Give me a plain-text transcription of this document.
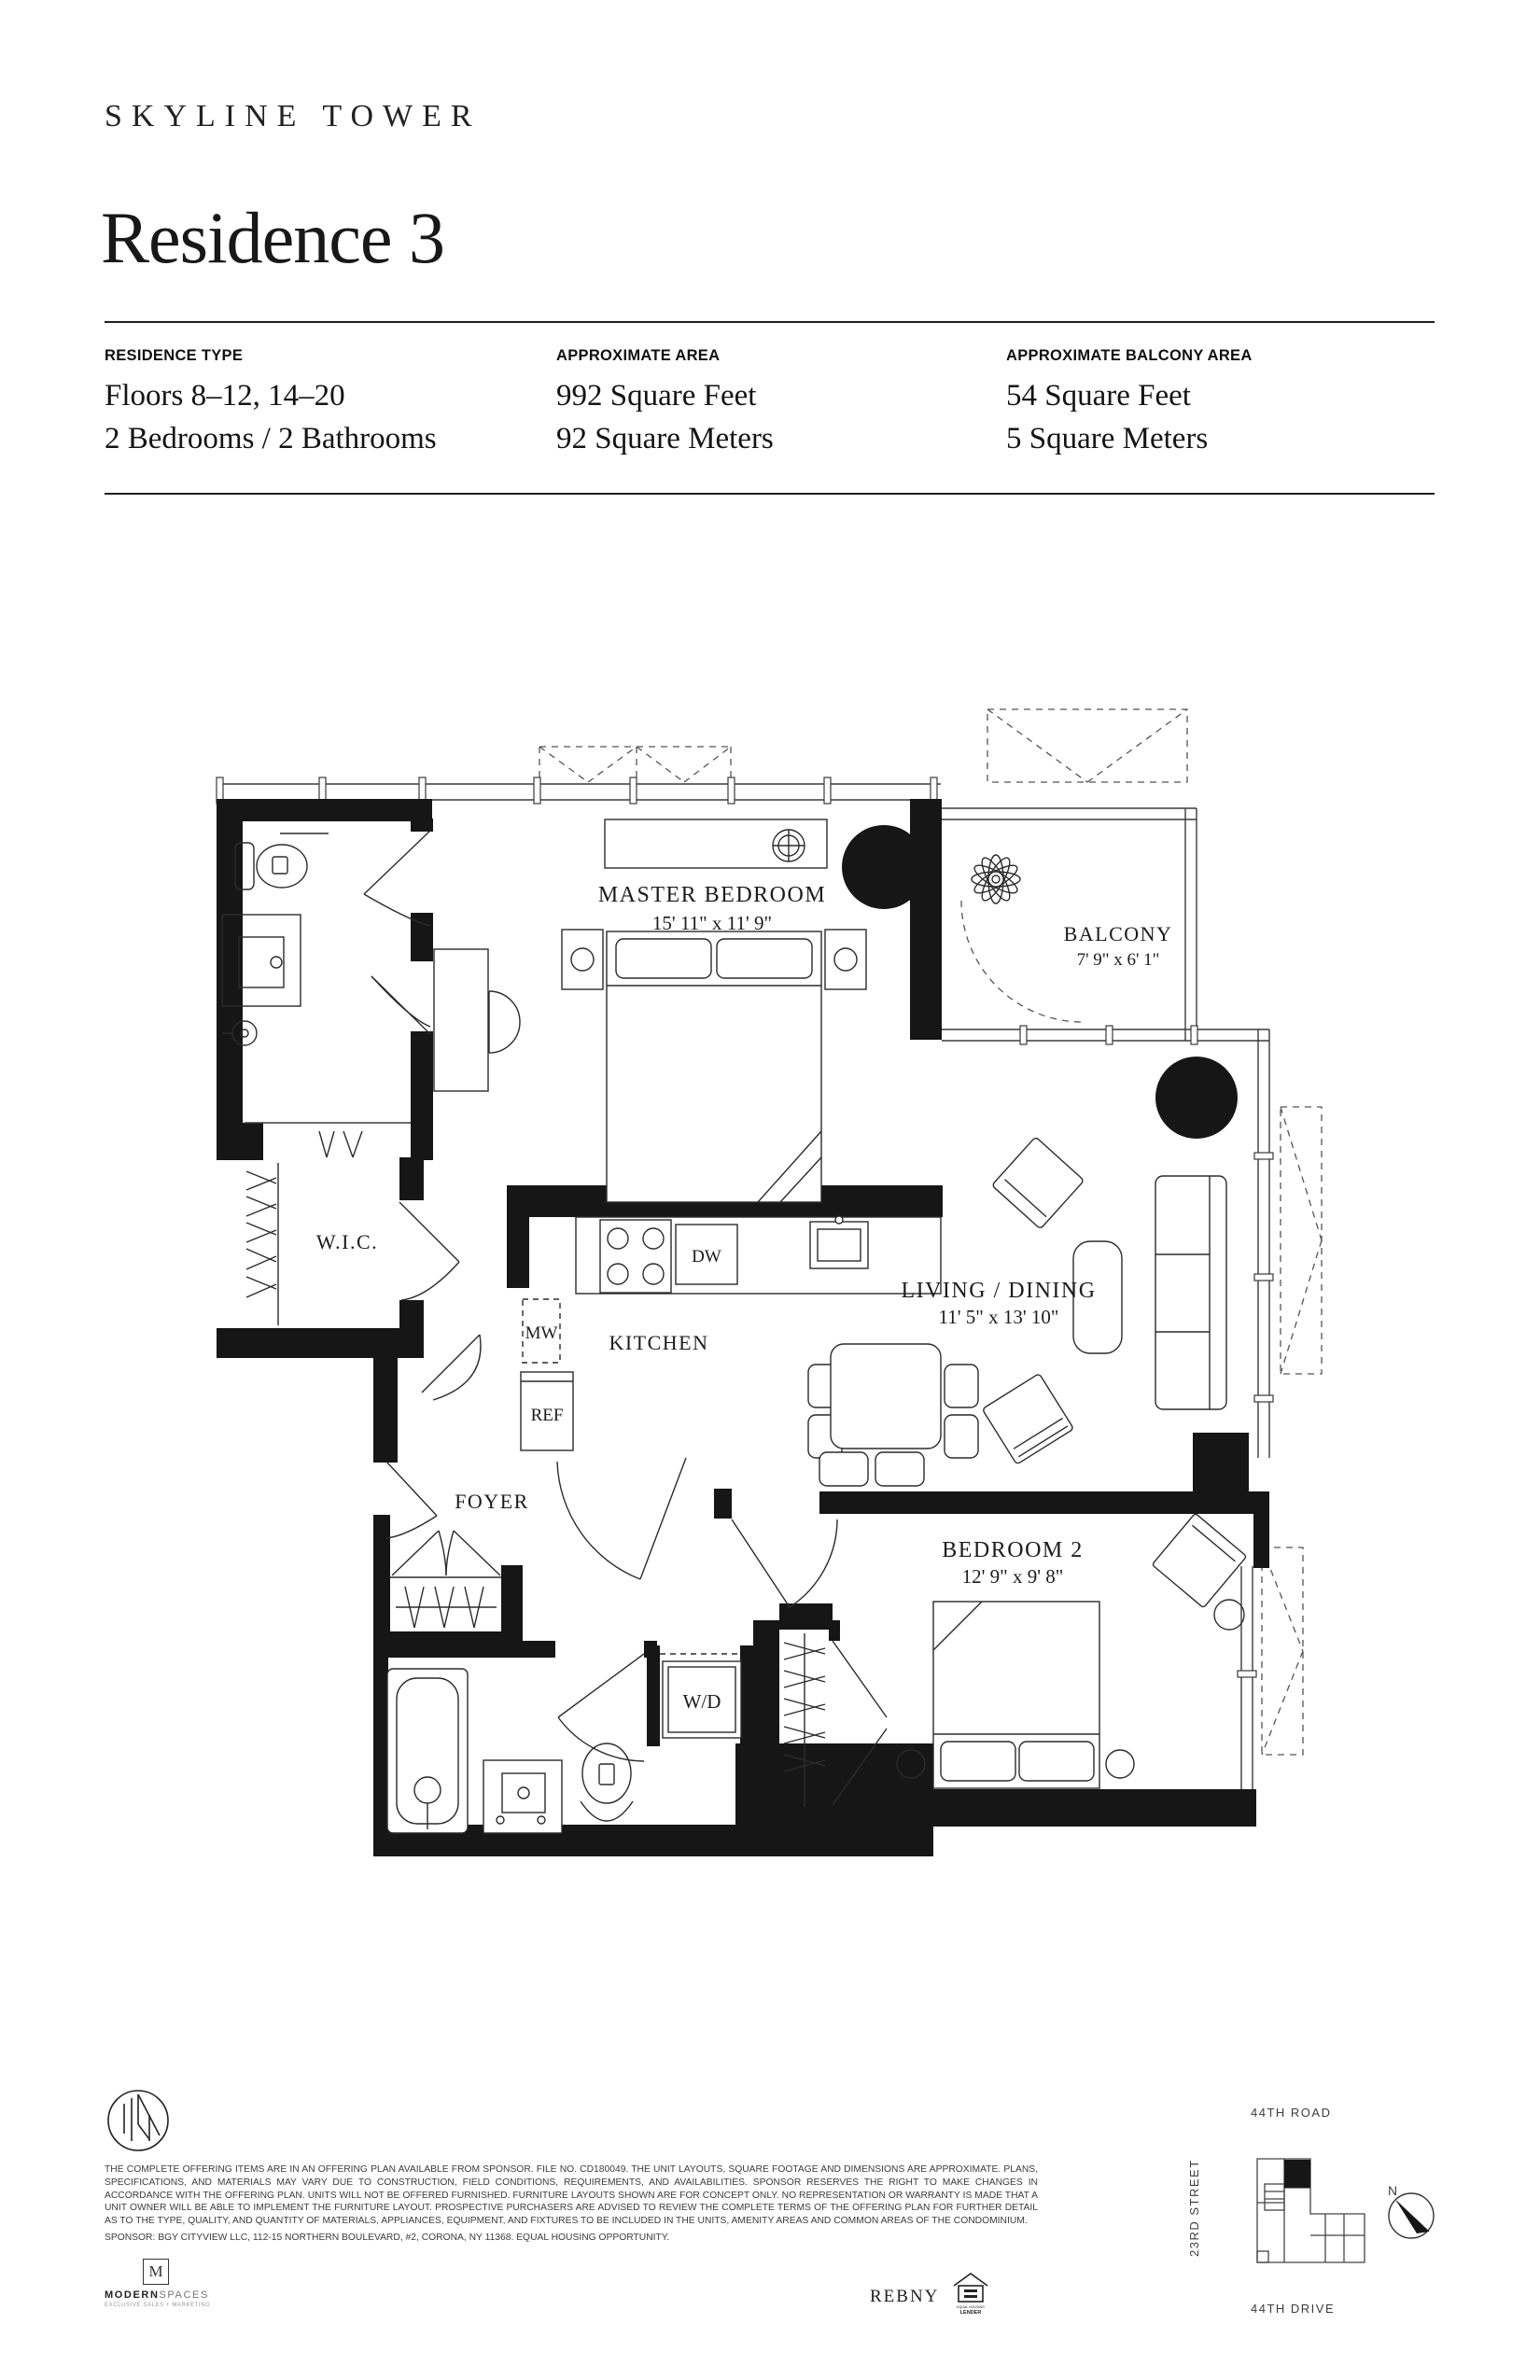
SKYLINE TOWER
Residence 3
RESIDENCE TYPE
Floors 8–12, 14–20
2 Bedrooms / 2 Bathrooms
APPROXIMATE AREA
992 Square Feet
92 Square Meters
APPROXIMATE BALCONY AREA
54 Square Feet
5 Square Meters
MASTER BEDROOM
15' 11" x 11' 9"	BALCONY
7' 9" x 6' 1"
LIVING / DINING
11' 5" x 13' 10"
BEDROOM 2
12' 9" x 9' 8"
W.I.C.
KITCHEN
FOYER
DW
MW
REF
W/D
THE COMPLETE OFFERING ITEMS ARE IN AN OFFERING PLAN AVAILABLE FROM SPONSOR. FILE NO. CD180049. THE UNIT LAYOUTS, SQUARE FOOTAGE AND DIMENSIONS ARE APPROXIMATE. PLANS, SPECIFICATIONS, AND MATERIALS MAY VARY DUE TO CONSTRUCTION, FIELD CONDITIONS, REQUIREMENTS, AND AVAILABILITIES. SPONSOR RESERVES THE RIGHT TO MAKE CHANGES IN ACCORDANCE WITH THE OFFERING PLAN. UNITS WILL NOT BE OFFERED FURNISHED. FURNITURE LAYOUTS SHOWN ARE FOR CONCEPT ONLY. NO REPRESENTATION OR WARRANTY IS MADE THAT A UNIT OWNER WILL BE ABLE TO IMPLEMENT THE FURNITURE LAYOUT. PROSPECTIVE PURCHASERS ARE ADVISED TO REVIEW THE COMPLETE TERMS OF THE OFFERING PLAN FOR FURTHER DETAIL AS TO THE TYPE, QUALITY, AND QUANTITY OF MATERIALS, APPLIANCES, EQUIPMENT, AND FIXTURES TO BE INCLUDED IN THE UNITS, AMENITY AREAS AND COMMON AREAS OF THE CONDOMINIUM.
SPONSOR: BGY CITYVIEW LLC, 112-15 NORTHERN BOULEVARD, #2, CORONA, NY 11368. EQUAL HOUSING OPPORTUNITY.
M
MODERNSPACES
EXCLUSIVE SALES + MARKETING	REBNY
EQUAL HOUSING
LENDER
44TH ROAD
44TH DRIVE
23RD STREET	N
